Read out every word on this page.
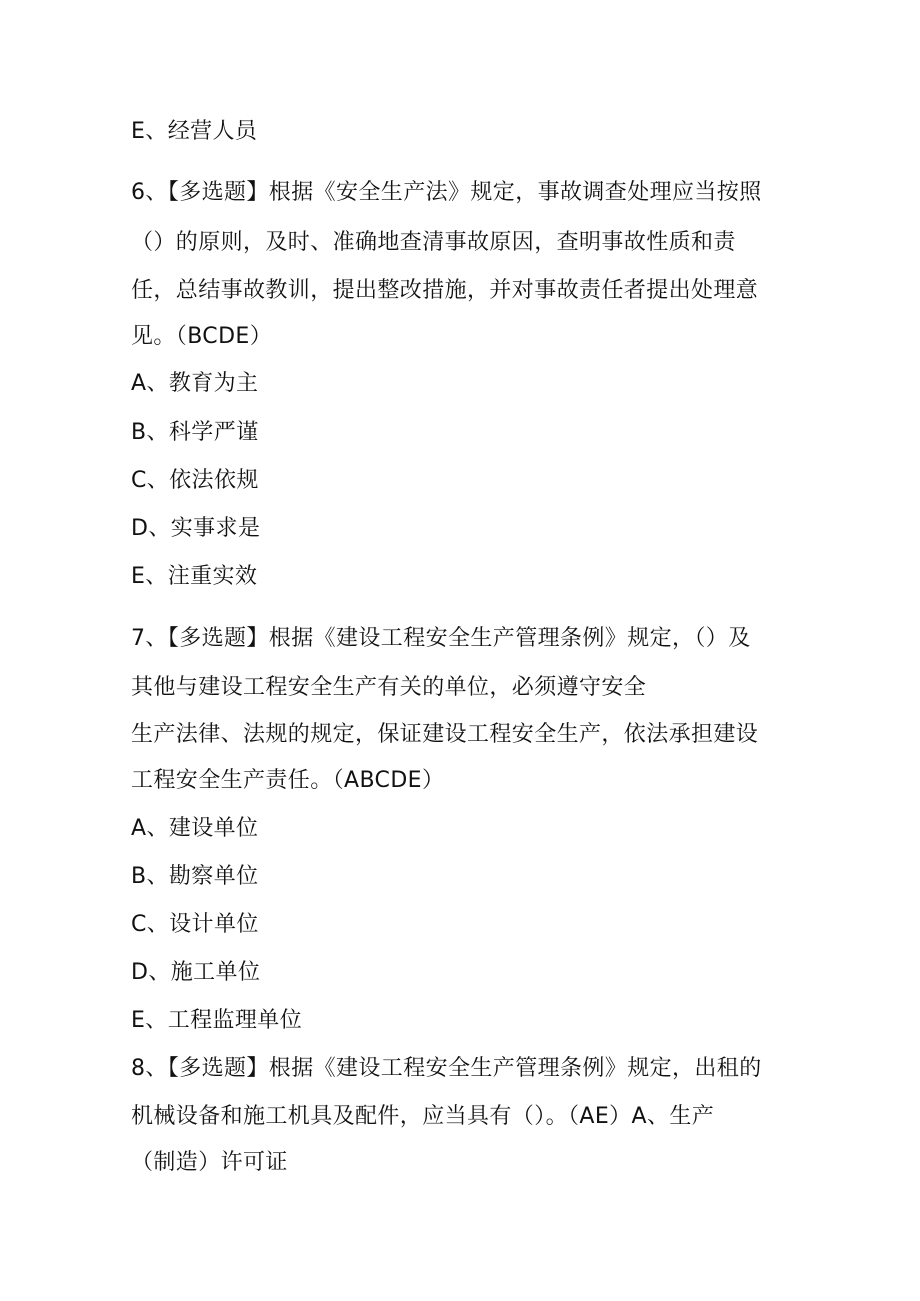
E、经营人员
6、【多选题】根据《安全生产法》规定，事故调查处理应当按照
（）的原则，及时、准确地查清事故原因，查明事故性质和责
任，总结事故教训，提出整改措施，并对事故责任者提出处理意
见。（BCDE）
A、教育为主
B、科学严谨
C、依法依规
D、实事求是
E、注重实效
7、【多选题】根据《建设工程安全生产管理条例》规定，（）及
其他与建设工程安全生产有关的单位，必须遵守安全
生产法律、法规的规定，保证建设工程安全生产，依法承担建设
工程安全生产责任。（ABCDE）
A、建设单位
B、勘察单位
C、设计单位
D、施工单位
E、工程监理单位
8、【多选题】根据《建设工程安全生产管理条例》规定，出租的
机械设备和施工机具及配件，应当具有（）。（AE）A、生产
（制造）许可证
